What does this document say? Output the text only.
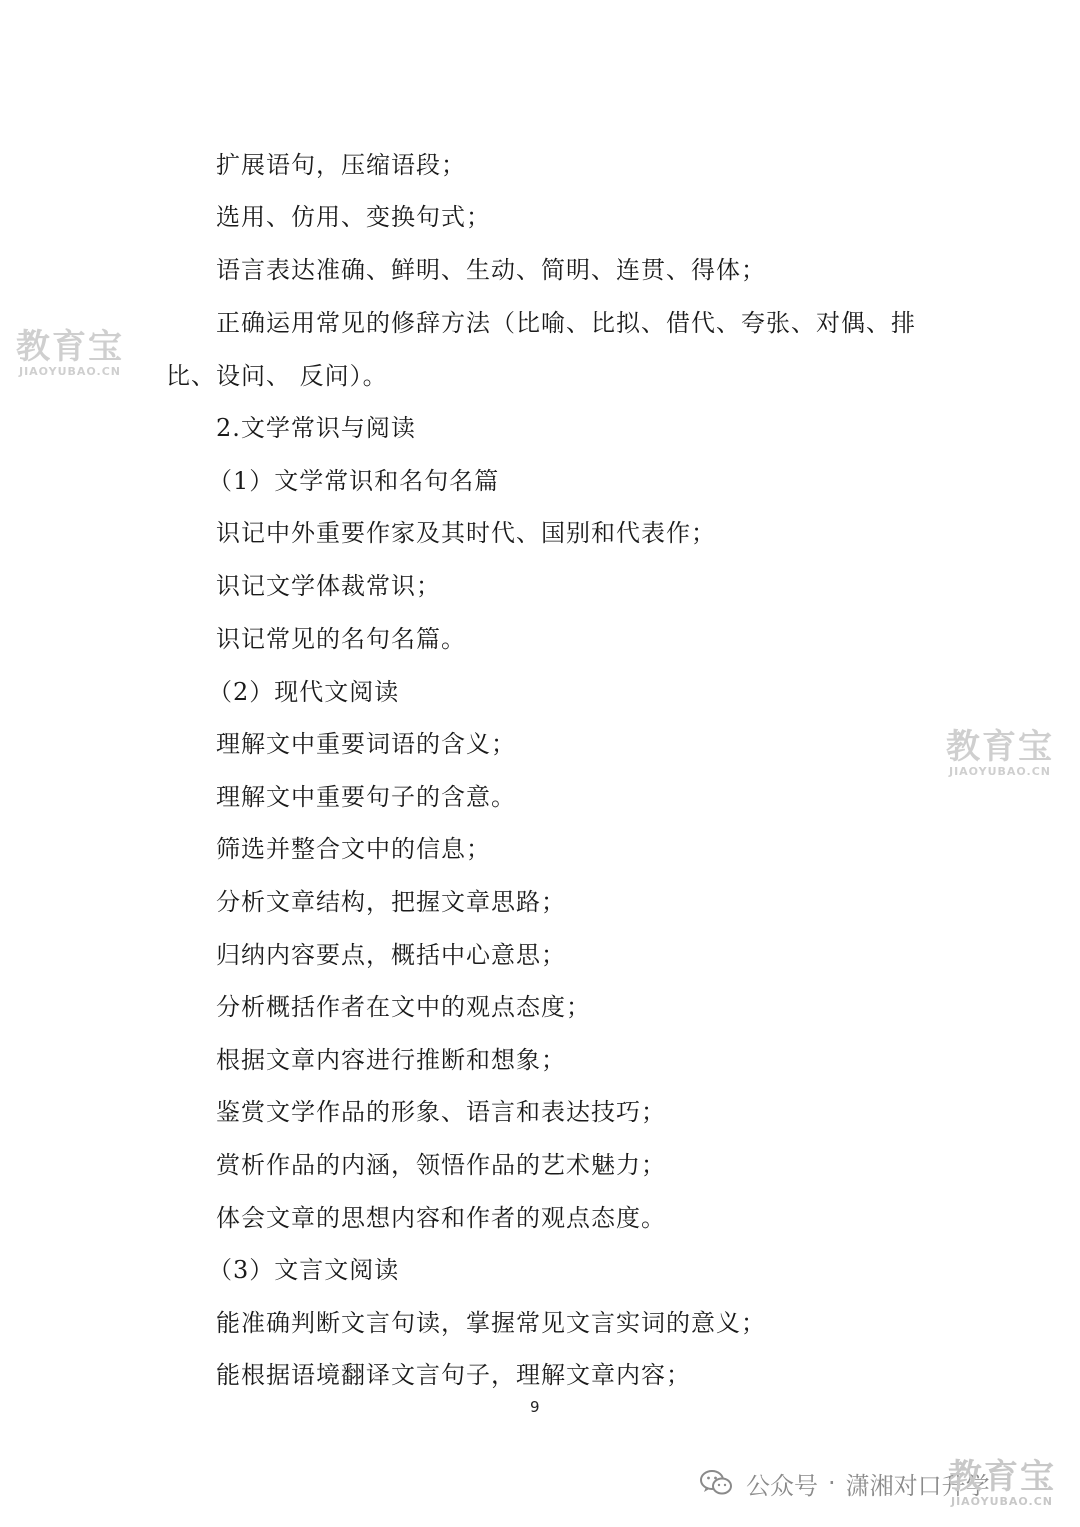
扩展语句，压缩语段；
选用、仿用、变换句式；
语言表达准确、鲜明、生动、简明、连贯、得体；
正确运用常见的修辞方法（比喻、比拟、借代、夸张、对偶、排
比、设问、 反问）。
2.文学常识与阅读
（1）文学常识和名句名篇
识记中外重要作家及其时代、国别和代表作；
识记文学体裁常识；
识记常见的名句名篇。
（2）现代文阅读
理解文中重要词语的含义；
理解文中重要句子的含意。
筛选并整合文中的信息；
分析文章结构，把握文章思路；
归纳内容要点，概括中心意思；
分析概括作者在文中的观点态度；
根据文章内容进行推断和想象；
鉴赏文学作品的形象、语言和表达技巧；
赏析作品的内涵，领悟作品的艺术魅力；
体会文章的思想内容和作者的观点态度。
（3）文言文阅读
能准确判断文言句读，掌握常见文言实词的意义；
能根据语境翻译文言句子，理解文章内容；
9
教育宝
JIAOYUBAO.CN
教育宝
JIAOYUBAO.CN
公众号 · 潇湘对口升学
教育宝
JIAOYUBAO.CN
